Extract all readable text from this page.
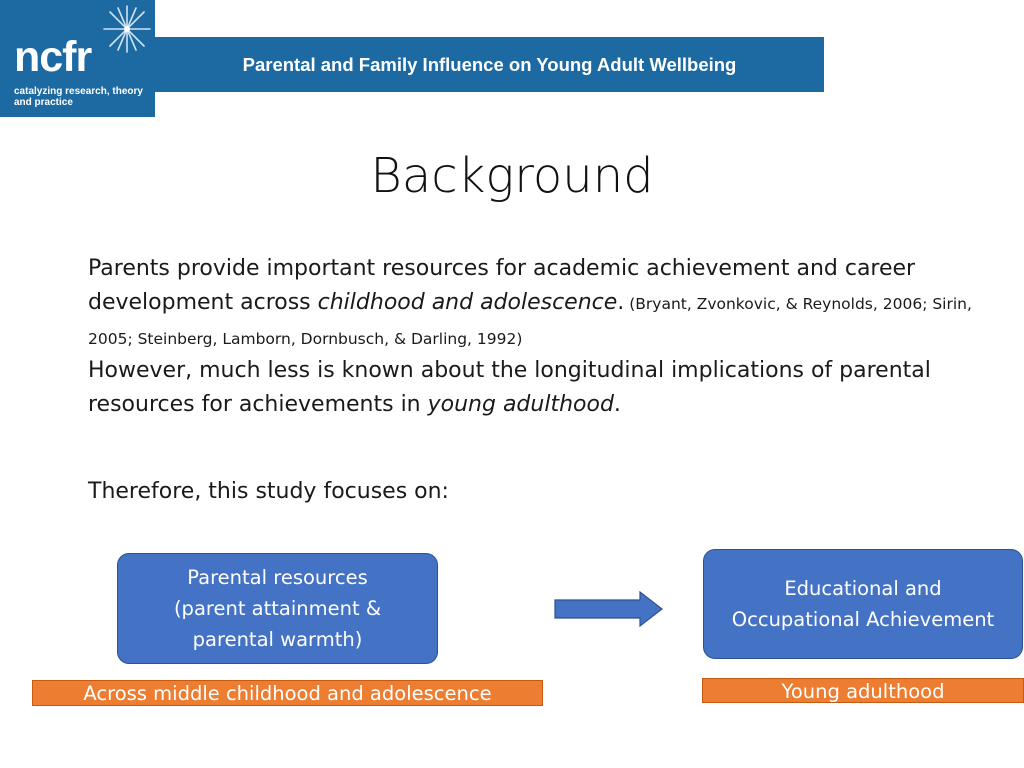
ncfr
catalyzing research, theory and practice
Parental and Family Influence on Young Adult Wellbeing
Background
Parents provide important resources for academic achievement and career development across childhood and adolescence. (Bryant, Zvonkovic, & Reynolds, 2006; Sirin, 2005; Steinberg, Lamborn, Dornbusch, & Darling, 1992)
However, much less is known about the longitudinal implications of parental resources for achievements in young adulthood.
Therefore, this study focuses on:
Parental resources
(parent attainment &
parental warmth)
Educational and
Occupational Achievement
Across middle childhood and adolescence	Young adulthood
